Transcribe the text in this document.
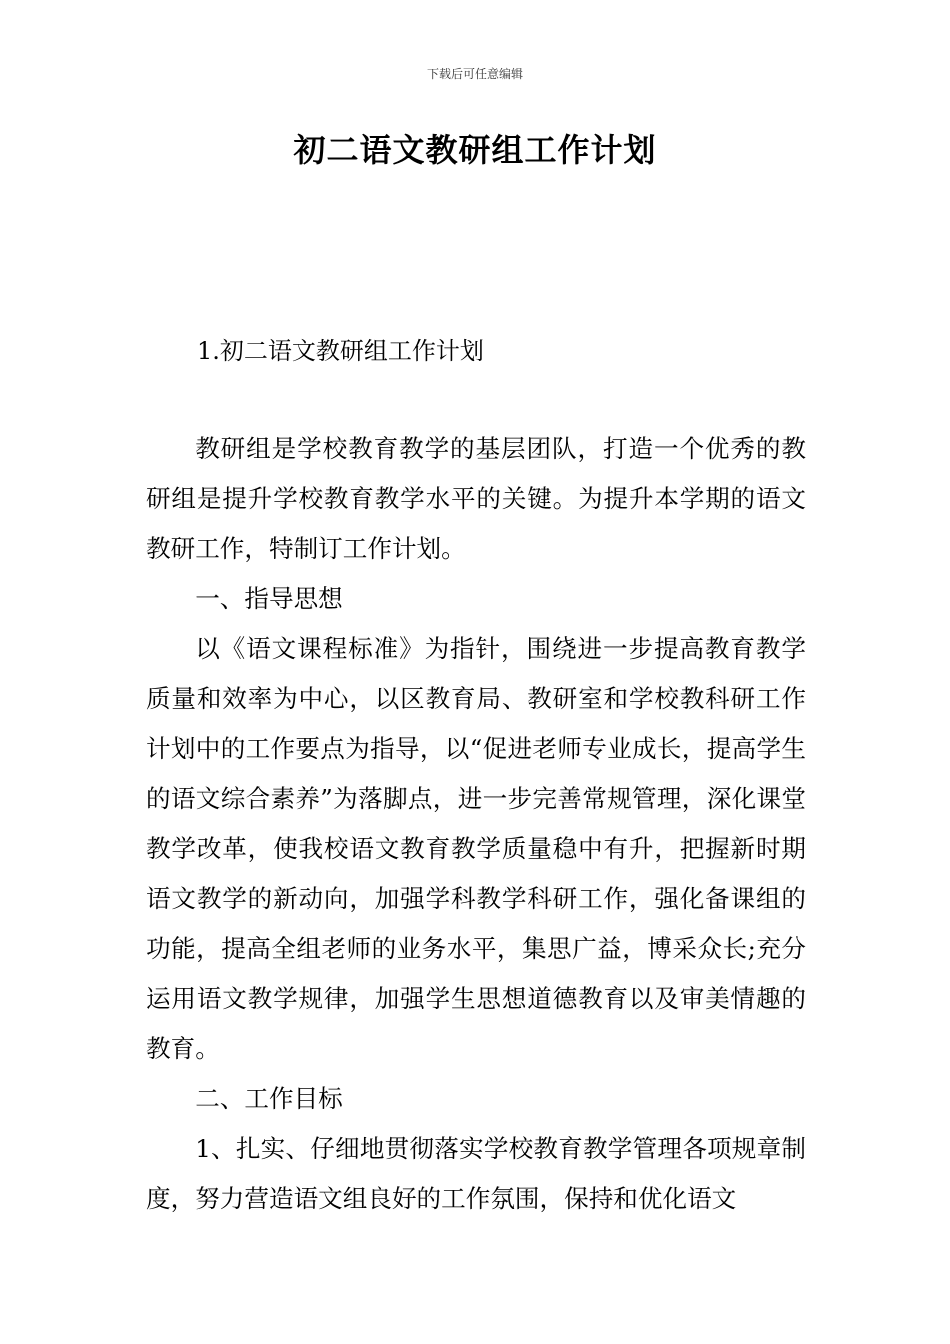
下载后可任意编辑
初二语文教研组工作计划
1.初二语文教研组工作计划

教研组是学校教育教学的基层团队，打造一个优秀的教研组是提升学校教育教学水平的关键。为提升本学期的语文教研工作，特制订工作计划。

一、指导思想

以《语文课程标准》为指针，围绕进一步提高教育教学质量和效率为中心，以区教育局、教研室和学校教科研工作计划中的工作要点为指导，以“促进老师专业成长，提高学生的语文综合素养”为落脚点，进一步完善常规管理，深化课堂教学改革，使我校语文教育教学质量稳中有升，把握新时期语文教学的新动向，加强学科教学科研工作，强化备课组的功能，提高全组老师的业务水平，集思广益，博采众长;充分运用语文教学规律，加强学生思想道德教育以及审美情趣的教育。

二、工作目标

1、扎实、仔细地贯彻落实学校教育教学管理各项规章制度，努力营造语文组良好的工作氛围，保持和优化语文
